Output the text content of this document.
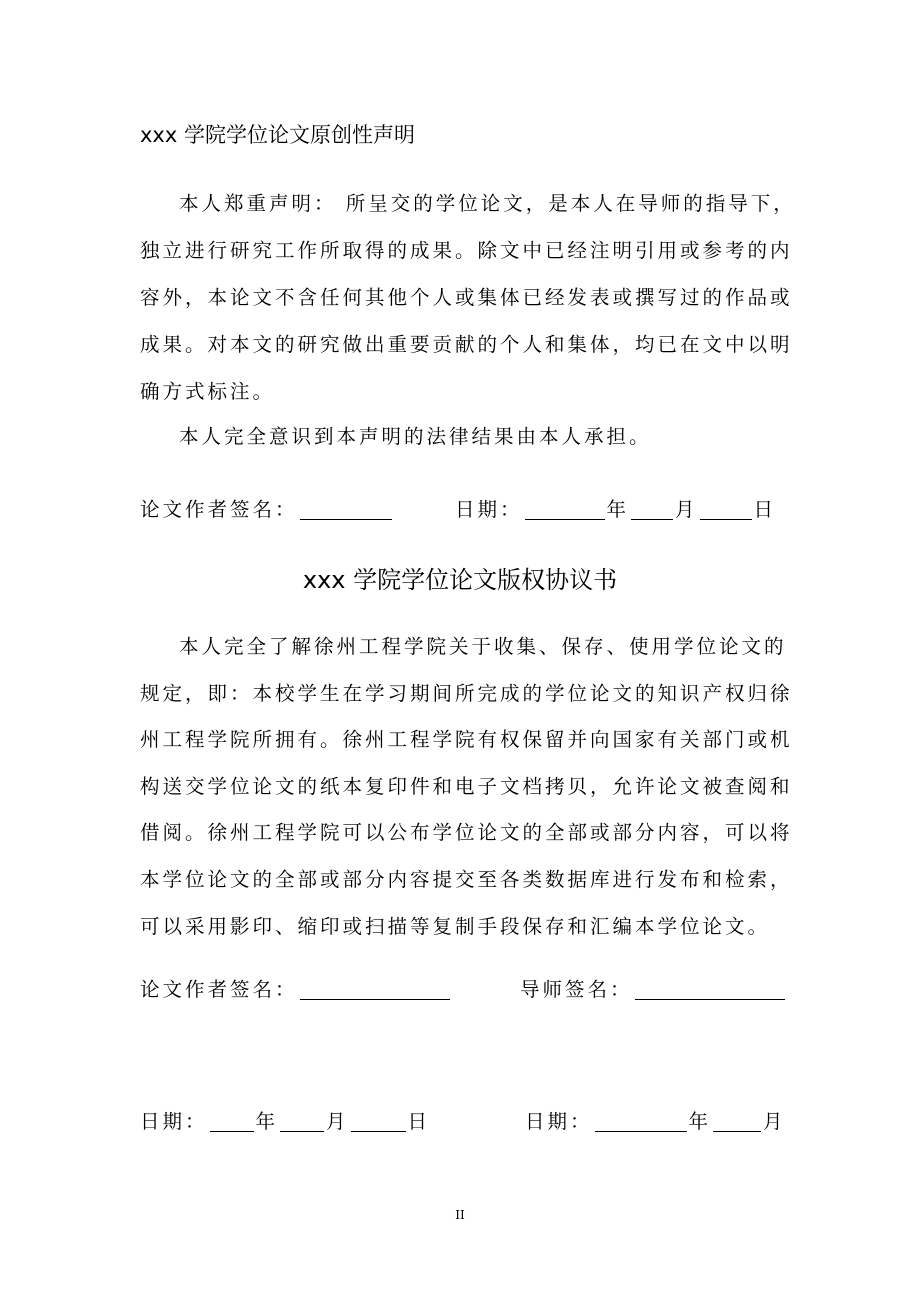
xxx 学院学位论文原创性声明
本人郑重声明： 所呈交的学位论文，是本人在导师的指导下，独立进行研究工作所取得的成果。除文中已经注明引用或参考的内容外，本论文不含任何其他个人或集体已经发表或撰写过的作品或成果。对本文的研究做出重要贡献的个人和集体，均已在文中以明确方式标注。
本人完全意识到本声明的法律结果由本人承担。
论文作者签名：	日期：	年 月	日
xxx 学院学位论文版权协议书
本人完全了解徐州工程学院关于收集、保存、使用学位论文的规定，即：本校学生在学习期间所完成的学位论文的知识产权归徐州工程学院所拥有。徐州工程学院有权保留并向国家有关部门或机构送交学位论文的纸本复印件和电子文档拷贝，允许论文被查阅和借阅。徐州工程学院可以公布学位论文的全部或部分内容，可以将本学位论文的全部或部分内容提交至各类数据库进行发布和检索，可以采用影印、缩印或扫描等复制手段保存和汇编本学位论文。
论文作者签名：	导师签名：
日期： 年 月	日	日期：	年	月
II
